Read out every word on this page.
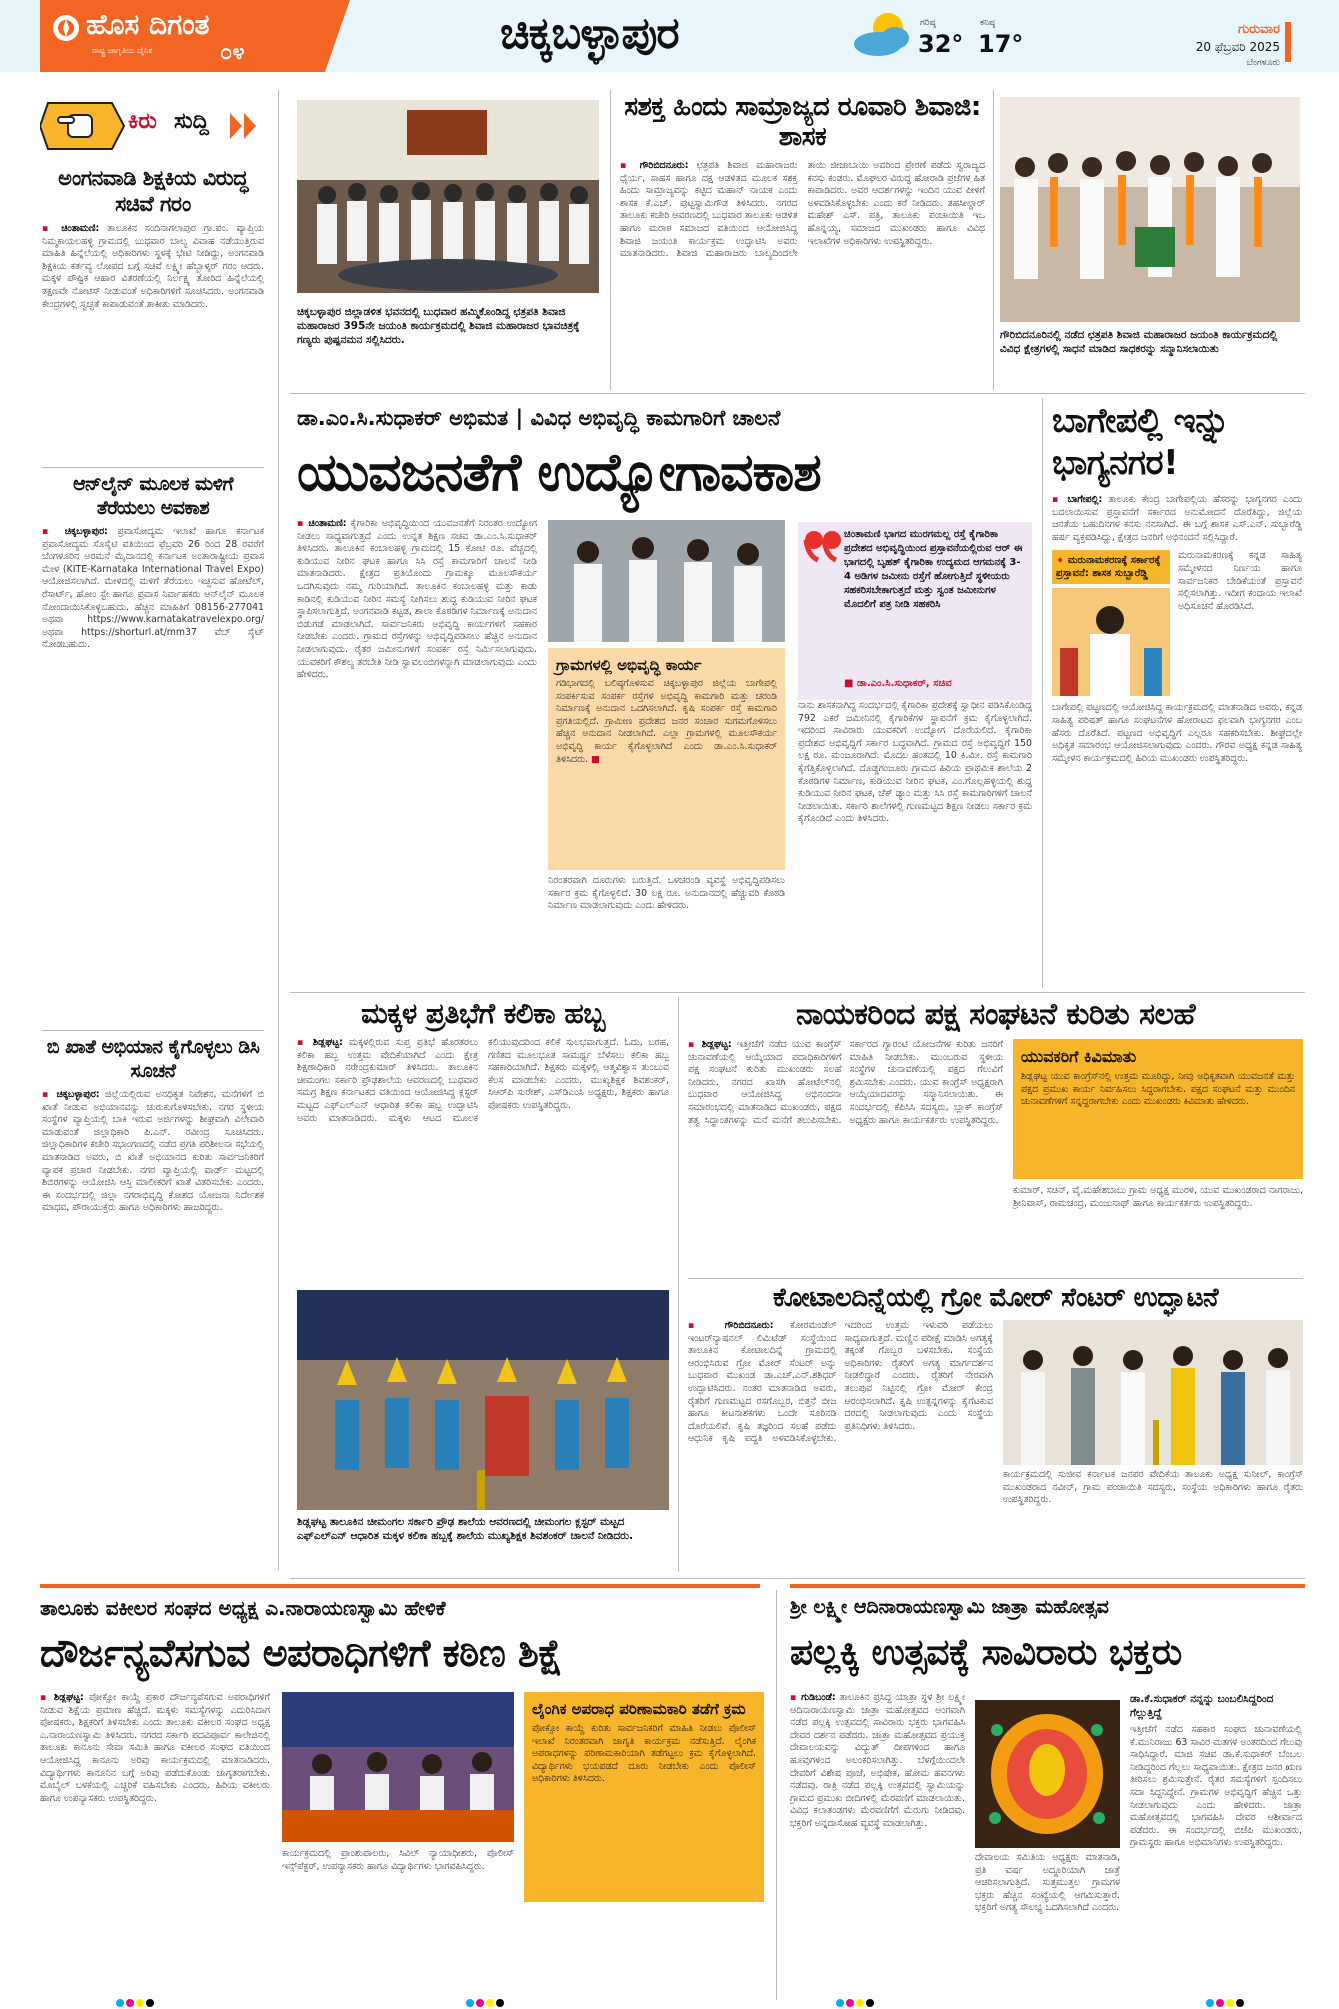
ಹೊಸ ದಿಗಂತ
ರಾಷ್ಟ್ರ ಜಾಗೃತಿಯ ದೈನಿಕ	೦೪	ಚಿಕ್ಕಬಳ್ಳಾಪುರ	ಗರಿಷ್ಠ
32°
ಕನಿಷ್ಠ
17°
ಗುರುವಾರ
20 ಫೆಬ್ರವರಿ 2025
ಬೆಂಗಳೂರು
ಕಿರು ಸುದ್ದಿ
ಅಂಗನವಾಡಿ ಶಿಕ್ಷಕಿಯ ವಿರುದ್ಧ ಸಚಿವೆ ಗರಂ
▪ ಚಿಂತಾಮಣಿ: ತಾಲೂಕಿನ ಸಂದಿನಾಗಲಾಪುರ ಗ್ರಾ.ಪಂ. ವ್ಯಾಪ್ತಿಯ ನಿಮ್ಮಕಾಯಲಹಳ್ಳಿ ಗ್ರಾಮದಲ್ಲಿ ಬುಧವಾರ ಬಾಲ್ಯ ವಿವಾಹ ನಡೆಯುತ್ತಿರುವ ಮಾಹಿತಿ ಹಿನ್ನೆಲೆಯಲ್ಲಿ ಅಧಿಕಾರಿಗಳು ಸ್ಥಳಕ್ಕೆ ಭೇಟಿ ನೀಡಿದ್ದು, ಅಂಗನವಾಡಿ ಶಿಕ್ಷಕಿಯ ಕರ್ತವ್ಯ ಲೋಪದ ಬಗ್ಗೆ ಸಚಿವೆ ಲಕ್ಷ್ಮೀ ಹೆಬ್ಬಾಳ್ಕರ್ ಗರಂ ಆದರು. ಮಕ್ಕಳ ಪೌಷ್ಟಿಕ ಆಹಾರ ವಿತರಣೆಯಲ್ಲಿ ನಿರ್ಲಕ್ಷ್ಯ ತೋರಿದ ಹಿನ್ನೆಲೆಯಲ್ಲಿ ತಕ್ಷಣವೇ ನೋಟಿಸ್ ನೀಡುವಂತೆ ಅಧಿಕಾರಿಗಳಿಗೆ ಸೂಚಿಸಿದರು. ಅಂಗನವಾಡಿ ಕೇಂದ್ರಗಳಲ್ಲಿ ಸ್ವಚ್ಛತೆ ಕಾಪಾಡುವಂತೆ ತಾಕೀತು ಮಾಡಿದರು.
ಆನ್‌ಲೈನ್ ಮೂಲಕ ಮಳಿಗೆ ತೆರೆಯಲು ಅವಕಾಶ
▪ ಚಿಕ್ಕಬಳ್ಳಾಪುರ: ಪ್ರವಾಸೋದ್ಯಮ ಇಲಾಖೆ ಹಾಗೂ ಕರ್ನಾಟಕ ಪ್ರವಾಸೋದ್ಯಮ ಸೊಸೈಟಿ ವತಿಯಿಂದ ಫೆಬ್ರವರಿ 26 ರಿಂದ 28 ರವರೆಗೆ ಬೆಂಗಳೂರಿನ ಅರಮನೆ ಮೈದಾನದಲ್ಲಿ ಕರ್ನಾಟಕ ಅಂತಾರಾಷ್ಟ್ರೀಯ ಪ್ರವಾಸ ಮೇಳ (KITE-Karnataka International Travel Expo) ಆಯೋಜಿಸಲಾಗಿದೆ. ಮೇಳದಲ್ಲಿ ಮಳಿಗೆ ತೆರೆಯಲು ಇಚ್ಛಿಸುವ ಹೋಟೆಲ್, ರೆಸಾರ್ಟ್, ಹೋಂ ಸ್ಟೇ ಹಾಗೂ ಪ್ರವಾಸ ನಿರ್ವಾಹಕರು ಆನ್‌ಲೈನ್ ಮೂಲಕ ನೋಂದಾಯಿಸಿಕೊಳ್ಳಬಹುದು. ಹೆಚ್ಚಿನ ಮಾಹಿತಿಗೆ 08156-277041 ಅಥವಾ https://www.karnatakatravelexpo.org/ ಅಥವಾ https://shorturl.at/mm37 ವೆಬ್ ಸೈಟ್ ನೋಡಬಹುದು.
ಬಿ ಖಾತೆ ಅಭಿಯಾನ ಕೈಗೊಳ್ಳಲು ಡಿಸಿ ಸೂಚನೆ
▪ ಚಿಕ್ಕಬಳ್ಳಾಪುರ: ಜಿಲ್ಲೆಯಲ್ಲಿರುವ ಅನಧಿಕೃತ ನಿವೇಶನ, ಮನೆಗಳಿಗೆ ಬಿ ಖಾತೆ ನೀಡುವ ಅಭಿಯಾನವನ್ನು ಚುರುಕುಗೊಳಿಸಬೇಕು. ನಗರ ಸ್ಥಳೀಯ ಸಂಸ್ಥೆಗಳ ವ್ಯಾಪ್ತಿಯಲ್ಲಿ ಬಾಕಿ ಇರುವ ಅರ್ಜಿಗಳನ್ನು ಶೀಘ್ರವಾಗಿ ವಿಲೇವಾರಿ ಮಾಡುವಂತೆ ಜಿಲ್ಲಾಧಿಕಾರಿ ಪಿ.ಎನ್. ರವೀಂದ್ರ ಸೂಚಿಸಿದರು. ಜಿಲ್ಲಾಧಿಕಾರಿಗಳ ಕಚೇರಿ ಸಭಾಂಗಣದಲ್ಲಿ ನಡೆದ ಪ್ರಗತಿ ಪರಿಶೀಲನಾ ಸಭೆಯಲ್ಲಿ ಮಾತನಾಡಿದ ಅವರು, ಬಿ ಖಾತೆ ಅಭಿಯಾನದ ಕುರಿತು ಸಾರ್ವಜನಿಕರಿಗೆ ವ್ಯಾಪಕ ಪ್ರಚಾರ ನೀಡಬೇಕು. ನಗರ ವ್ಯಾಪ್ತಿಯಲ್ಲಿ ವಾರ್ಡ್ ಮಟ್ಟದಲ್ಲಿ ಶಿಬಿರಗಳನ್ನು ಆಯೋಜಿಸಿ ಆಸ್ತಿ ಮಾಲೀಕರಿಗೆ ಖಾತೆ ವಿತರಿಸಬೇಕು ಎಂದರು. ಈ ಸಂದರ್ಭದಲ್ಲಿ ಜಿಲ್ಲಾ ನಗರಾಭಿವೃದ್ಧಿ ಕೋಶದ ಯೋಜನಾ ನಿರ್ದೇಶಕ ಮಾಧವ, ಪೌರಾಯುಕ್ತರು ಹಾಗೂ ಅಧಿಕಾರಿಗಳು ಹಾಜರಿದ್ದರು.
ಚಿಕ್ಕಬಳ್ಳಾಪುರ ಜಿಲ್ಲಾಡಳಿತ ಭವನದಲ್ಲಿ ಬುಧವಾರ ಹಮ್ಮಿಕೊಂಡಿದ್ದ ಛತ್ರಪತಿ ಶಿವಾಜಿ ಮಹಾರಾಜರ 395ನೇ ಜಯಂತಿ ಕಾರ್ಯಕ್ರಮದಲ್ಲಿ ಶಿವಾಜಿ ಮಹಾರಾಜರ ಭಾವಚಿತ್ರಕ್ಕೆ ಗಣ್ಯರು ಪುಷ್ಪನಮನ ಸಲ್ಲಿಸಿದರು.
ಸಶಕ್ತ ಹಿಂದು ಸಾಮ್ರಾಜ್ಯದ ರೂವಾರಿ ಶಿವಾಜಿ: ಶಾಸಕ
▪ ಗೌರಿಬಿದನೂರು: ಛತ್ರಪತಿ ಶಿವಾಜಿ ಮಹಾರಾಜರು ಧೈರ್ಯ, ಸಾಹಸ ಹಾಗೂ ದಕ್ಷ ಆಡಳಿತದ ಮೂಲಕ ಸಶಕ್ತ ಹಿಂದು ಸಾಮ್ರಾಜ್ಯವನ್ನು ಕಟ್ಟಿದ ಮಹಾನ್ ನಾಯಕ ಎಂದು ಶಾಸಕ ಕೆ.ಎಚ್. ಪುಟ್ಟಸ್ವಾಮಿಗೌಡ ತಿಳಿಸಿದರು. ನಗರದ ತಾಲೂಕು ಕಚೇರಿ ಆವರಣದಲ್ಲಿ ಬುಧವಾರ ತಾಲೂಕು ಆಡಳಿತ ಹಾಗೂ ಮರಾಠ ಸಮಾಜದ ವತಿಯಿಂದ ಆಯೋಜಿಸಿದ್ದ ಶಿವಾಜಿ ಜಯಂತಿ ಕಾರ್ಯಕ್ರಮ ಉದ್ಘಾಟಿಸಿ ಅವರು ಮಾತನಾಡಿದರು. ಶಿವಾಜಿ ಮಹಾರಾಜರು ಬಾಲ್ಯದಿಂದಲೇ ತಾಯಿ ಜೀಜಾಬಾಯಿ ಅವರಿಂದ ಪ್ರೇರಣೆ ಪಡೆದು ಸ್ವರಾಜ್ಯದ ಕನಸು ಕಂಡರು. ಮೊಘಲರ ವಿರುದ್ಧ ಹೋರಾಡಿ ಪ್ರಜೆಗಳ ಹಿತ ಕಾಪಾಡಿದರು. ಅವರ ಆದರ್ಶಗಳನ್ನು ಇಂದಿನ ಯುವ ಪೀಳಿಗೆ ಅಳವಡಿಸಿಕೊಳ್ಳಬೇಕು ಎಂದು ಕರೆ ನೀಡಿದರು. ತಹಸೀಲ್ದಾರ್ ಮಹೇಶ್ ಎಸ್. ಪತ್ರಿ, ತಾಲೂಕು ಪಂಚಾಯಿತಿ ಇಒ ಹೊನ್ನಯ್ಯ, ಸಮಾಜದ ಮುಖಂಡರು ಹಾಗೂ ವಿವಿಧ ಇಲಾಖೆಗಳ ಅಧಿಕಾರಿಗಳು ಉಪಸ್ಥಿತರಿದ್ದರು.
ಗೌರಿಬಿದನೂರಿನಲ್ಲಿ ನಡೆದ ಛತ್ರಪತಿ ಶಿವಾಜಿ ಮಹಾರಾಜರ ಜಯಂತಿ ಕಾರ್ಯಕ್ರಮದಲ್ಲಿ ವಿವಿಧ ಕ್ಷೇತ್ರಗಳಲ್ಲಿ ಸಾಧನೆ ಮಾಡಿದ ಸಾಧಕರನ್ನು ಸನ್ಮಾನಿಸಲಾಯಿತು
ಡಾ.ಎಂ.ಸಿ.ಸುಧಾಕರ್ ಅಭಿಮತ | ವಿವಿಧ ಅಭಿವೃದ್ಧಿ ಕಾಮಗಾರಿಗೆ ಚಾಲನೆ
ಯುವಜನತೆಗೆ ಉದ್ಯೋಗಾವಕಾಶ
▪ ಚಿಂತಾಮಣಿ: ಕೈಗಾರಿಕಾ ಅಭಿವೃದ್ಧಿಯಿಂದ ಯುವಜನತೆಗೆ ನಿರಂತರ ಉದ್ಯೋಗ ನೀಡಲು ಸಾಧ್ಯವಾಗುತ್ತದೆ ಎಂದು ಉನ್ನತ ಶಿಕ್ಷಣ ಸಚಿವ ಡಾ.ಎಂ.ಸಿ.ಸುಧಾಕರ್ ತಿಳಿಸಿದರು. ತಾಲೂಕಿನ ಕಂಬಾಲಹಳ್ಳಿ ಗ್ರಾಮದಲ್ಲಿ 15 ಕೋಟಿ ರೂ. ವೆಚ್ಚದಲ್ಲಿ ಕುಡಿಯುವ ನೀರಿನ ಘಟಕ ಹಾಗೂ ಸಿಸಿ ರಸ್ತೆ ಕಾಮಗಾರಿಗೆ ಚಾಲನೆ ನೀಡಿ ಮಾತನಾಡಿದರು. ಕ್ಷೇತ್ರದ ಪ್ರತಿಯೊಂದು ಗ್ರಾಮಕ್ಕೂ ಮೂಲಸೌಕರ್ಯ ಒದಗಿಸುವುದು ನಮ್ಮ ಗುರಿಯಾಗಿದೆ. ತಾಲೂಕಿನ ಕಂಬಾಲಹಳ್ಳಿ ಮತ್ತು ಕಾಡು ಕಾಡಿನಲ್ಲಿ ಕುಡಿಯುವ ನೀರಿನ ಸಮಸ್ಯೆ ನೀಗಿಸಲು ಶುದ್ಧ ಕುಡಿಯುವ ನೀರಿನ ಘಟಕ ಸ್ಥಾಪಿಸಲಾಗುತ್ತಿದೆ. ಅಂಗನವಾಡಿ ಕಟ್ಟಡ, ಶಾಲಾ ಕೊಠಡಿಗಳ ನಿರ್ಮಾಣಕ್ಕೆ ಅನುದಾನ ಬಿಡುಗಡೆ ಮಾಡಲಾಗಿದೆ. ಸಾರ್ವಜನಿಕರು ಅಭಿವೃದ್ಧಿ ಕಾರ್ಯಗಳಿಗೆ ಸಹಕಾರ ನೀಡಬೇಕು ಎಂದರು. ಗ್ರಾಮದ ರಸ್ತೆಗಳನ್ನು ಅಭಿವೃದ್ಧಿಪಡಿಸಲು ಹೆಚ್ಚಿನ ಅನುದಾನ ನೀಡಲಾಗುವುದು. ರೈತರ ಜಮೀನುಗಳಿಗೆ ಸಂಪರ್ಕ ರಸ್ತೆ ನಿರ್ಮಿಸಲಾಗುವುದು. ಯುವಕರಿಗೆ ಕೌಶಲ್ಯ ತರಬೇತಿ ನೀಡಿ ಸ್ವಾವಲಂಬಿಗಳನ್ನಾಗಿ ಮಾಡಲಾಗುವುದು ಎಂದು ಹೇಳಿದರು.
ಚಿಂತಾಮಣಿ ಭಾಗದ ಮುರಗಮಲ್ಲ ರಸ್ತೆ ಕೈಗಾರಿಕಾ ಪ್ರದೇಶದ ಅಭಿವೃದ್ಧಿಯಿಂದ ಪ್ರಸ್ತಾವನೆಯಲ್ಲಿರುವ ಆರ್‌ ಈ ಭಾಗದಲ್ಲಿ ಬೃಹತ್ ಕೈಗಾರಿಕಾ ಉದ್ಯಮದ ಆಗಮನಕ್ಕೆ 3-4 ಅಡಿಗಳ ಜಮೀನು ರಸ್ತೆಗೆ ಹೋಗುತ್ತಿದೆ ಸ್ಥಳೀಯರು ಸಹಕರಿಸಬೇಕಾಗುತ್ತದೆ ಮತ್ತು ಸ್ವಂತ ಜಮೀನುಗಳ ಮೊದಲಿಗೆ ಪತ್ರ ನೀಡಿ ಸಹಕರಿಸಿ
■ ಡಾ.ಎಂ.ಸಿ.ಸುಧಾಕರ್, ಸಚಿವ
ಗ್ರಾಮಗಳಲ್ಲಿ ಅಭಿವೃದ್ಧಿ ಕಾರ್ಯ
ಗಡಿಭಾಗದಲ್ಲಿ ಬಲಿಷ್ಠಗೊಳಿಸುವ ಚಿಕ್ಕಬಳ್ಳಾಪುರ ಜಿಲ್ಲೆಯ ಬಾಗೇಪಲ್ಲಿ ಸಂಪರ್ಕಿಸುವ ಸಂಪರ್ಕ ರಸ್ತೆಗಳ ಅಭಿವೃದ್ಧಿ ಕಾಮಗಾರಿ ಮತ್ತು ಚರಂಡಿ ನಿರ್ಮಾಣಕ್ಕೆ ಅನುದಾನ ಒದಗಿಸಲಾಗಿದೆ. ಕೃಷಿ ಸಂಪರ್ಕ ರಸ್ತೆ ಕಾಮಗಾರಿ ಪ್ರಗತಿಯಲ್ಲಿದೆ. ಗ್ರಾಮೀಣ ಪ್ರದೇಶದ ಜನರ ಸಂಚಾರ ಸುಗಮಗೊಳಿಸಲು ಹೆಚ್ಚಿನ ಅನುದಾನ ನೀಡಲಾಗಿದೆ. ಎಲ್ಲಾ ಗ್ರಾಮಗಳಲ್ಲಿ ಮೂಲಸೌಕರ್ಯ ಅಭಿವೃದ್ಧಿ ಕಾರ್ಯ ಕೈಗೊಳ್ಳಲಾಗಿದೆ ಎಂದು ಡಾ.ಎಂ.ಸಿ.ಸುಧಾಕರ್ ತಿಳಿಸಿದರು. ■
ನಾನು ಶಾಸಕನಾಗಿದ್ದ ಸಂದರ್ಭದಲ್ಲಿ ಕೈಗಾರಿಕಾ ಪ್ರದೇಶಕ್ಕೆ ಸ್ವಾಧೀನ ಪಡಿಸಿಕೊಂಡಿದ್ದ 792 ಎಕರೆ ಜಮೀನಿನಲ್ಲಿ ಕೈಗಾರಿಕೆಗಳ ಸ್ಥಾಪನೆಗೆ ಕ್ರಮ ಕೈಗೊಳ್ಳಲಾಗಿದೆ. ಇದರಿಂದ ಸಾವಿರಾರು ಯುವಕರಿಗೆ ಉದ್ಯೋಗ ದೊರೆಯಲಿದೆ. ಕೈಗಾರಿಕಾ ಪ್ರದೇಶದ ಅಭಿವೃದ್ಧಿಗೆ ಸರ್ಕಾರ ಬದ್ಧವಾಗಿದೆ. ಗ್ರಾಮದ ರಸ್ತೆ ಅಭಿವೃದ್ಧಿಗೆ 150 ಲಕ್ಷ ರೂ. ಮಂಜೂರಾಗಿದೆ. ಮೊದಲ ಹಂತದಲ್ಲಿ 10 ಕಿ.ಮೀ. ರಸ್ತೆ ಕಾಮಗಾರಿ ಕೈಗೆತ್ತಿಕೊಳ್ಳಲಾಗಿದೆ. ದೊಡ್ಡಗಂಜೂರು ಗ್ರಾಮದ ಹಿರಿಯ ಪ್ರಾಥಮಿಕ ಶಾಲೆಯ 2 ಕೊಠಡಿಗಳ ನಿರ್ಮಾಣ, ಕುಡಿಯುವ ನೀರಿನ ಘಟಕ, ಎಂ.ಗೊಲ್ಲಹಳ್ಳಿಯಲ್ಲಿ ಶುದ್ಧ ಕುಡಿಯುವ ನೀರಿನ ಘಟಕ, ಚೆಕ್ ಡ್ಯಾಂ ಮತ್ತು ಸಿಸಿ ರಸ್ತೆ ಕಾಮಗಾರಿಗಳಿಗೆ ಚಾಲನೆ ನೀಡಲಾಯಿತು. ಸರ್ಕಾರಿ ಶಾಲೆಗಳಲ್ಲಿ ಗುಣಮಟ್ಟದ ಶಿಕ್ಷಣ ನೀಡಲು ಸರ್ಕಾರ ಕ್ರಮ ಕೈಗೊಂಡಿದೆ ಎಂದು ತಿಳಿಸಿದರು.
ನಿರಂತರವಾಗಿ ದೂರುಗಳು ಬರುತ್ತಿದೆ. ಒಳಚರಂಡಿ ವ್ಯವಸ್ಥೆ ಅಭಿವೃದ್ಧಿಪಡಿಸಲು ಸರ್ಕಾರ ಕ್ರಮ ಕೈಗೊಳ್ಳಲಿದೆ. 30 ಲಕ್ಷ ರೂ. ಅನುದಾನದಲ್ಲಿ ಹೆಚ್ಚುವರಿ ಕೊಠಡಿ ನಿರ್ಮಾಣ ಮಾಡಲಾಗುವುದು ಎಂದು ಹೇಳಿದರು.
ಬಾಗೇಪಲ್ಲಿ ಇನ್ನು ಭಾಗ್ಯನಗರ!
▪ ಬಾಗೇಪಲ್ಲಿ: ತಾಲೂಕು ಕೇಂದ್ರ ಬಾಗೇಪಲ್ಲಿಯ ಹೆಸರನ್ನು ಭಾಗ್ಯನಗರ ಎಂದು ಬದಲಾಯಿಸುವ ಪ್ರಸ್ತಾವನೆಗೆ ಸರ್ಕಾರದ ಅನುಮೋದನೆ ದೊರೆತಿದ್ದು, ಜಿಲ್ಲೆಯ ಜನತೆಯ ಬಹುದಿನಗಳ ಕನಸು ನನಸಾಗಿದೆ. ಈ ಬಗ್ಗೆ ಶಾಸಕ ಎಸ್.ಎನ್. ಸುಬ್ಬಾರೆಡ್ಡಿ ಹರ್ಷ ವ್ಯಕ್ತಪಡಿಸಿದ್ದು, ಕ್ಷೇತ್ರದ ಜನರಿಗೆ ಅಭಿನಂದನೆ ಸಲ್ಲಿಸಿದ್ದಾರೆ.
➧ ಮರುನಾಮಕರಣಕ್ಕೆ ಸರ್ಕಾರಕ್ಕೆ ಪ್ರಸ್ತಾವನೆ: ಶಾಸಕ ಸುಬ್ಬಾರೆಡ್ಡಿ
ಮರುನಾಮಕರಣಕ್ಕೆ ಕನ್ನಡ ಸಾಹಿತ್ಯ ಸಮ್ಮೇಳನದ ನಿರ್ಣಯ ಹಾಗೂ ಸಾರ್ವಜನಿಕರ ಬೇಡಿಕೆಯಂತೆ ಪ್ರಸ್ತಾವನೆ ಸಲ್ಲಿಸಲಾಗಿತ್ತು. ಇದೀಗ ಕಂದಾಯ ಇಲಾಖೆ ಅಧಿಸೂಚನೆ ಹೊರಡಿಸಿದೆ.
ಬಾಗೇಪಲ್ಲಿ ಪಟ್ಟಣದಲ್ಲಿ ಆಯೋಜಿಸಿದ್ದ ಕಾರ್ಯಕ್ರಮದಲ್ಲಿ ಮಾತನಾಡಿದ ಅವರು, ಕನ್ನಡ ಸಾಹಿತ್ಯ ಪರಿಷತ್ ಹಾಗೂ ಸಂಘಟನೆಗಳ ಹೋರಾಟದ ಫಲವಾಗಿ ಭಾಗ್ಯನಗರ ಎಂಬ ಹೆಸರು ದೊರೆತಿದೆ. ಪಟ್ಟಣದ ಅಭಿವೃದ್ಧಿಗೆ ಎಲ್ಲರೂ ಸಹಕರಿಸಬೇಕು. ಶೀಘ್ರದಲ್ಲೇ ಅಧಿಕೃತ ಸಮಾರಂಭ ಆಯೋಜಿಸಲಾಗುವುದು ಎಂದರು. ಗೌರವ ಅಧ್ಯಕ್ಷ ಕನ್ನಡ ಸಾಹಿತ್ಯ ಸಮ್ಮೇಳನ ಕಾರ್ಯಕ್ರಮದಲ್ಲಿ ಹಿರಿಯ ಮುಖಂಡರು ಉಪಸ್ಥಿತರಿದ್ದರು.
ಮಕ್ಕಳ ಪ್ರತಿಭೆಗೆ ಕಲಿಕಾ ಹಬ್ಬ
▪ ಶಿಡ್ಲಘಟ್ಟ: ಮಕ್ಕಳಲ್ಲಿರುವ ಸುಪ್ತ ಪ್ರತಿಭೆ ಹೊರತರಲು ಕಲಿಕಾ ಹಬ್ಬ ಉತ್ತಮ ವೇದಿಕೆಯಾಗಿದೆ ಎಂದು ಕ್ಷೇತ್ರ ಶಿಕ್ಷಣಾಧಿಕಾರಿ ನರೇಂದ್ರಕುಮಾರ್ ತಿಳಿಸಿದರು. ತಾಲೂಕಿನ ಚೀಮಂಗಲ ಸರ್ಕಾರಿ ಪ್ರೌಢಶಾಲೆಯ ಆವರಣದಲ್ಲಿ ಬುಧವಾರ ಸಮಗ್ರ ಶಿಕ್ಷಣ ಕರ್ನಾಟಕದ ವತಿಯಿಂದ ಆಯೋಜಿಸಿದ್ದ ಕ್ಲಸ್ಟರ್ ಮಟ್ಟದ ಎಫ್‌ಎಲ್‌ಎನ್ ಆಧಾರಿತ ಕಲಿಕಾ ಹಬ್ಬ ಉದ್ಘಾಟಿಸಿ ಅವರು ಮಾತನಾಡಿದರು. ಮಕ್ಕಳು ಆಟದ ಮೂಲಕ ಕಲಿಯುವುದರಿಂದ ಕಲಿಕೆ ಸುಲಭವಾಗುತ್ತದೆ. ಓದು, ಬರಹ, ಗಣಿತದ ಮೂಲಭೂತ ಸಾಮರ್ಥ್ಯ ಬೆಳೆಸಲು ಕಲಿಕಾ ಹಬ್ಬ ಸಹಕಾರಿಯಾಗಿದೆ. ಶಿಕ್ಷಕರು ಮಕ್ಕಳಲ್ಲಿ ಆತ್ಮವಿಶ್ವಾಸ ತುಂಬುವ ಕೆಲಸ ಮಾಡಬೇಕು ಎಂದರು. ಮುಖ್ಯಶಿಕ್ಷಕ ಶಿವಶಂಕರ್, ಸಿಆರ್‌ಪಿ ಸುರೇಶ್, ಎಸ್‌ಡಿಎಂಸಿ ಅಧ್ಯಕ್ಷರು, ಶಿಕ್ಷಕರು ಹಾಗೂ ಪೋಷಕರು ಉಪಸ್ಥಿತರಿದ್ದರು.
ಶಿಡ್ಲಘಟ್ಟ ತಾಲೂಕಿನ ಚೀಮಂಗಲ ಸರ್ಕಾರಿ ಪ್ರೌಢ ಶಾಲೆಯ ಆವರಣದಲ್ಲಿ ಚೀಮಂಗಲ ಕ್ಲಸ್ಟರ್ ಮಟ್ಟದ ಎಫ್‌ಎಲ್‌ಎನ್ ಆಧಾರಿತ ಮಕ್ಕಳ ಕಲಿಕಾ ಹಬ್ಬಕ್ಕೆ ಶಾಲೆಯ ಮುಖ್ಯಶಿಕ್ಷಕ ಶಿವಶಂಕರ್ ಚಾಲನೆ ನೀಡಿದರು.
ನಾಯಕರಿಂದ ಪಕ್ಷ ಸಂಘಟನೆ ಕುರಿತು ಸಲಹೆ
▪ ಶಿಡ್ಲಘಟ್ಟ: ಇತ್ತೀಚೆಗೆ ನಡೆದ ಯುವ ಕಾಂಗ್ರೆಸ್ ಚುನಾವಣೆಯಲ್ಲಿ ಆಯ್ಕೆಯಾದ ಪದಾಧಿಕಾರಿಗಳಿಗೆ ಪಕ್ಷ ಸಂಘಟನೆ ಕುರಿತು ಮುಖಂಡರು ಸಲಹೆ ನೀಡಿದರು. ನಗರದ ಖಾಸಗಿ ಹೋಟೆಲ್‌ನಲ್ಲಿ ಬುಧವಾರ ಆಯೋಜಿಸಿದ್ದ ಅಭಿನಂದನಾ ಸಮಾರಂಭದಲ್ಲಿ ಮಾತನಾಡಿದ ಮುಖಂಡರು, ಪಕ್ಷದ ತತ್ವ ಸಿದ್ಧಾಂತಗಳನ್ನು ಮನೆ ಮನೆಗೆ ತಲುಪಿಸಬೇಕು. ಸರ್ಕಾರದ ಗ್ಯಾರಂಟಿ ಯೋಜನೆಗಳ ಕುರಿತು ಜನರಿಗೆ ಮಾಹಿತಿ ನೀಡಬೇಕು. ಮುಂಬರುವ ಸ್ಥಳೀಯ ಸಂಸ್ಥೆಗಳ ಚುನಾವಣೆಯಲ್ಲಿ ಪಕ್ಷದ ಗೆಲುವಿಗೆ ಶ್ರಮಿಸಬೇಕು ಎಂದರು. ಯುವ ಕಾಂಗ್ರೆಸ್ ಅಧ್ಯಕ್ಷರಾಗಿ ಆಯ್ಕೆಯಾದವರನ್ನು ಸನ್ಮಾನಿಸಲಾಯಿತು. ಈ ಸಂದರ್ಭದಲ್ಲಿ ಕೆಪಿಸಿಸಿ ಸದಸ್ಯರು, ಬ್ಲಾಕ್ ಕಾಂಗ್ರೆಸ್ ಅಧ್ಯಕ್ಷರು ಹಾಗೂ ಕಾರ್ಯಕರ್ತರು ಉಪಸ್ಥಿತರಿದ್ದರು.
ಯುವಕರಿಗೆ ಕಿವಿಮಾತು
ಶಿಡ್ಲಘಟ್ಟ ಯುವ ಕಾಂಗ್ರೆಸ್‌ನಲ್ಲಿ ಉತ್ತಮ ಮೂರಿದ್ದು, ನೀವು ಅಧಿಕೃತವಾಗಿ ಯುವಜನತೆ ಮತ್ತು ಪಕ್ಷದ ಪ್ರಮುಖ ಕಾರ್ಯ ನಿರ್ವಹಿಸಲು ಸಿದ್ಧರಾಗಬೇಕು. ಪಕ್ಷದ ಸಂಘಟನೆ ಮತ್ತು ಮುಂದಿನ ಚುನಾವಣೆಗಳಿಗೆ ಸನ್ನದ್ಧರಾಗಬೇಕು ಎಂದು ಮುಖಂಡರು ಕಿವಿಮಾತು ಹೇಳಿದರು.
ಕುಮಾರ್, ಸಚಿನ್, ವೈ.ಮಹೇಶಬಾಬು ಗ್ರಾಮ ಅಧ್ಯಕ್ಷ ಮುರಳಿ, ಯುವ ಮುಖಂಡರಾದ ನಾಗರಾಜು, ಶ್ರೀನಿವಾಸ್, ರಾಮಚಂದ್ರ, ಮಂಜುನಾಥ್ ಹಾಗೂ ಕಾರ್ಯಕರ್ತರು ಉಪಸ್ಥಿತರಿದ್ದರು.
ಕೋಟಾಲದಿನ್ನೆಯಲ್ಲಿ ಗ್ರೋ ಮೋರ್ ಸೆಂಟರ್ ಉದ್ಘಾಟನೆ
▪ ಗೌರಿಬಿದನೂರು: ಕೋರಮಂಡಲ್ ಇಂಟರ್‌ನ್ಯಾಷನಲ್ ಲಿಮಿಟೆಡ್ ಸಂಸ್ಥೆಯಿಂದ ತಾಲೂಕಿನ ಕೋಟಾಲದಿನ್ನೆ ಗ್ರಾಮದಲ್ಲಿ ಆರಂಭಿಸಿರುವ ಗ್ರೋ ಮೋರ್ ಸೆಂಟರ್ ಅನ್ನು ಬುಧವಾರ ಮುಖಂಡ ಡಾ.ಎಚ್.ಎನ್.ಶಶಿಧರ್ ಉದ್ಘಾಟಿಸಿದರು. ನಂತರ ಮಾತನಾಡಿದ ಅವರು, ರೈತರಿಗೆ ಗುಣಮಟ್ಟದ ರಸಗೊಬ್ಬರ, ಬಿತ್ತನೆ ಬೀಜ ಹಾಗೂ ಕೀಟನಾಶಕಗಳು ಒಂದೇ ಸೂರಿನಡಿ ದೊರೆಯಲಿವೆ. ಕೃಷಿ ತಜ್ಞರಿಂದ ಸಲಹೆ ಪಡೆದು ಆಧುನಿಕ ಕೃಷಿ ಪದ್ಧತಿ ಅಳವಡಿಸಿಕೊಳ್ಳಬೇಕು. ಇದರಿಂದ ಉತ್ತಮ ಇಳುವರಿ ಪಡೆಯಲು ಸಾಧ್ಯವಾಗುತ್ತದೆ. ಮಣ್ಣಿನ ಪರೀಕ್ಷೆ ಮಾಡಿಸಿ ಅಗತ್ಯಕ್ಕೆ ತಕ್ಕಂತೆ ಗೊಬ್ಬರ ಬಳಸಬೇಕು. ಸಂಸ್ಥೆಯ ಅಧಿಕಾರಿಗಳು ರೈತರಿಗೆ ಅಗತ್ಯ ಮಾರ್ಗದರ್ಶನ ನೀಡಲಿದ್ದಾರೆ ಎಂದರು. ರೈತರಿಗೆ ನೇರವಾಗಿ ತಲುಪುವ ನಿಟ್ಟಿನಲ್ಲಿ ಗ್ರೋ ಮೋರ್ ಕೇಂದ್ರ ಆರಂಭಿಸಲಾಗಿದೆ. ಕೃಷಿ ಉತ್ಪನ್ನಗಳನ್ನು ಕೈಗೆಟಕುವ ದರದಲ್ಲಿ ನೀಡಲಾಗುವುದು ಎಂದು ಸಂಸ್ಥೆಯ ಪ್ರತಿನಿಧಿಗಳು ತಿಳಿಸಿದರು.
ಕಾರ್ಯಕ್ರಮದಲ್ಲಿ ಸುಜೀವ ಕರ್ನಾಟಕ ಜನಪರ ವೇದಿಕೆಯ ತಾಲೂಕು ಅಧ್ಯಕ್ಷ ಸುನೀಲ್, ಕಾಂಗ್ರೆಸ್ ಮುಖಂಡರಾದ ನವೀನ್, ಗ್ರಾಮ ಪಂಚಾಯಿತಿ ಸದಸ್ಯರು, ಸಂಸ್ಥೆಯ ಅಧಿಕಾರಿಗಳು ಹಾಗೂ ರೈತರು ಉಪಸ್ಥಿತರಿದ್ದರು.
ತಾಲೂಕು ವಕೀಲರ ಸಂಘದ ಅಧ್ಯಕ್ಷ ಎ.ನಾರಾಯಣಸ್ವಾಮಿ ಹೇಳಿಕೆ
ದೌರ್ಜನ್ಯವೆಸಗುವ ಅಪರಾಧಿಗಳಿಗೆ ಕಠಿಣ ಶಿಕ್ಷೆ
▪ ಶಿಡ್ಲಘಟ್ಟ: ಪೋಕ್ಸೋ ಕಾಯ್ದೆ ಪ್ರಕಾರ ದೌರ್ಜನ್ಯವೆಸಗುವ ಅಪರಾಧಿಗಳಿಗೆ ನೀಡುವ ಶಿಕ್ಷೆಯ ಪ್ರಮಾಣ ಹೆಚ್ಚಿದೆ. ಮಕ್ಕಳು ಸಮಸ್ಯೆಗಳನ್ನು ಎದುರಿಸಿದಾಗ ಪೋಷಕರು, ಶಿಕ್ಷಕರಿಗೆ ತಿಳಿಸಬೇಕು ಎಂದು ತಾಲೂಕು ವಕೀಲರ ಸಂಘದ ಅಧ್ಯಕ್ಷ ಎ.ನಾರಾಯಣಸ್ವಾಮಿ ತಿಳಿಸಿದರು. ನಗರದ ಸರ್ಕಾರಿ ಪದವಿಪೂರ್ವ ಕಾಲೇಜಿನಲ್ಲಿ ತಾಲೂಕು ಕಾನೂನು ಸೇವಾ ಸಮಿತಿ ಹಾಗೂ ವಕೀಲರ ಸಂಘದ ವತಿಯಿಂದ ಆಯೋಜಿಸಿದ್ದ ಕಾನೂನು ಅರಿವು ಕಾರ್ಯಕ್ರಮದಲ್ಲಿ ಮಾತನಾಡಿದರು. ವಿದ್ಯಾರ್ಥಿಗಳು ಕಾನೂನಿನ ಬಗ್ಗೆ ಅರಿವು ಪಡೆದುಕೊಂಡು ಜಾಗೃತರಾಗಬೇಕು. ಮೊಬೈಲ್ ಬಳಕೆಯಲ್ಲಿ ಎಚ್ಚರಿಕೆ ವಹಿಸಬೇಕು ಎಂದರು. ಹಿರಿಯ ವಕೀಲರು ಹಾಗೂ ಉಪನ್ಯಾಸಕರು ಉಪಸ್ಥಿತರಿದ್ದರು.
ಲೈಂಗಿಕ ಅಪರಾಧ ಪರಿಣಾಮಕಾರಿ ತಡೆಗೆ ಕ್ರಮ
ಪೋಕ್ಸೋ ಕಾಯ್ದೆ ಕುರಿತು ಸಾರ್ವಜನಿಕರಿಗೆ ಮಾಹಿತಿ ನೀಡಲು ಪೊಲೀಸ್ ಇಲಾಖೆ ನಿರಂತರವಾಗಿ ಜಾಗೃತಿ ಕಾರ್ಯಕ್ರಮ ನಡೆಸುತ್ತಿದೆ. ಲೈಂಗಿಕ ಅಪರಾಧಗಳನ್ನು ಪರಿಣಾಮಕಾರಿಯಾಗಿ ತಡೆಗಟ್ಟಲು ಕ್ರಮ ಕೈಗೊಳ್ಳಲಾಗಿದೆ. ವಿದ್ಯಾರ್ಥಿಗಳು ಭಯಪಡದೆ ದೂರು ನೀಡಬೇಕು ಎಂದು ಪೊಲೀಸ್ ಅಧಿಕಾರಿಗಳು ತಿಳಿಸಿದರು.
ಕಾರ್ಯಕ್ರಮದಲ್ಲಿ ಪ್ರಾಂಶುಪಾಲರು, ಸಿವಿಲ್ ನ್ಯಾಯಾಧೀಶರು, ಪೊಲೀಸ್ ಇನ್ಸ್‌ಪೆಕ್ಟರ್, ಉಪನ್ಯಾಸಕರು ಹಾಗೂ ವಿದ್ಯಾರ್ಥಿಗಳು ಭಾಗವಹಿಸಿದ್ದರು.
ಶ್ರೀ ಲಕ್ಷ್ಮೀ ಆದಿನಾರಾಯಣಸ್ವಾಮಿ ಜಾತ್ರಾ ಮಹೋತ್ಸವ
ಪಲ್ಲಕ್ಕಿ ಉತ್ಸವಕ್ಕೆ ಸಾವಿರಾರು ಭಕ್ತರು
▪ ಗುಡಿಬಂಡೆ: ತಾಲೂಕಿನ ಪ್ರಸಿದ್ಧ ಯಾತ್ರಾ ಸ್ಥಳ ಶ್ರೀ ಲಕ್ಷ್ಮೀ ಆದಿನಾರಾಯಣಸ್ವಾಮಿ ಜಾತ್ರಾ ಮಹೋತ್ಸವದ ಅಂಗವಾಗಿ ನಡೆದ ಪಲ್ಲಕ್ಕಿ ಉತ್ಸವದಲ್ಲಿ ಸಾವಿರಾರು ಭಕ್ತರು ಭಾಗವಹಿಸಿ ದೇವರ ದರ್ಶನ ಪಡೆದರು. ಜಾತ್ರಾ ಮಹೋತ್ಸವದ ಪ್ರಯುಕ್ತ ದೇವಾಲಯವನ್ನು ವಿದ್ಯುತ್ ದೀಪಗಳಿಂದ ಹಾಗೂ ಹೂವುಗಳಿಂದ ಅಲಂಕರಿಸಲಾಗಿತ್ತು. ಬೆಳಗ್ಗೆಯಿಂದಲೇ ದೇವರಿಗೆ ವಿಶೇಷ ಪೂಜೆ, ಅಭಿಷೇಕ, ಹೋಮ ಹವನಗಳು ನಡೆದವು. ರಾತ್ರಿ ನಡೆದ ಪಲ್ಲಕ್ಕಿ ಉತ್ಸವದಲ್ಲಿ ಸ್ವಾಮಿಯನ್ನು ಗ್ರಾಮದ ಪ್ರಮುಖ ಬೀದಿಗಳಲ್ಲಿ ಮೆರವಣಿಗೆ ಮಾಡಲಾಯಿತು. ವಿವಿಧ ಕಲಾತಂಡಗಳು ಮೆರವಣಿಗೆಗೆ ಮೆರುಗು ನೀಡಿದವು. ಭಕ್ತರಿಗೆ ಅನ್ನದಾಸೋಹ ವ್ಯವಸ್ಥೆ ಮಾಡಲಾಗಿತ್ತು.
ದೇವಾಲಯ ಸಮಿತಿಯ ಅಧ್ಯಕ್ಷರು ಮಾತನಾಡಿ, ಪ್ರತಿ ವರ್ಷ ಅದ್ಧೂರಿಯಾಗಿ ಜಾತ್ರೆ ಆಚರಿಸಲಾಗುತ್ತಿದೆ. ಸುತ್ತಮುತ್ತಲ ಗ್ರಾಮಗಳ ಭಕ್ತರು ಹೆಚ್ಚಿನ ಸಂಖ್ಯೆಯಲ್ಲಿ ಆಗಮಿಸುತ್ತಾರೆ. ಭಕ್ತರಿಗೆ ಅಗತ್ಯ ಸೌಲಭ್ಯ ಒದಗಿಸಲಾಗಿದೆ ಎಂದರು.
ಡಾ.ಕೆ.ಸುಧಾಕರ್ ನನ್ನನ್ನು ಬಂಬಲಿಸಿದ್ದರಿಂದ ಗೆಲ್ಲುತ್ತಿದ್ದೆ
ಇತ್ತೀಚೆಗೆ ನಡೆದ ಸಹಕಾರ ಸಂಘದ ಚುನಾವಣೆಯಲ್ಲಿ ಕೆ.ಮುನಿರಾಜು 63 ಸಾವಿರ ಮತಗಳ ಅಂತರದಿಂದ ಗೆಲುವು ಸಾಧಿಸಿದ್ದಾರೆ. ಮಾಜಿ ಸಚಿವ ಡಾ.ಕೆ.ಸುಧಾಕರ್ ಬೆಂಬಲ ನೀಡಿದ್ದರಿಂದ ಗೆಲ್ಲಲು ಸಾಧ್ಯವಾಯಿತು. ಕ್ಷೇತ್ರದ ಜನರ ಋಣ ತೀರಿಸಲು ಶ್ರಮಿಸುತ್ತೇನೆ. ರೈತರ ಸಮಸ್ಯೆಗಳಿಗೆ ಸ್ಪಂದಿಸಲು ಸದಾ ಸಿದ್ಧನಿದ್ದೇನೆ. ಗ್ರಾಮಗಳ ಅಭಿವೃದ್ಧಿಗೆ ಹೆಚ್ಚಿನ ಒತ್ತು ನೀಡಲಾಗುವುದು ಎಂದು ಹೇಳಿದರು. ಜಾತ್ರಾ ಮಹೋತ್ಸವದಲ್ಲಿ ಭಾಗವಹಿಸಿ ದೇವರ ಆಶೀರ್ವಾದ ಪಡೆದರು. ಈ ಸಂದರ್ಭದಲ್ಲಿ ಬಿಜೆಪಿ ಮುಖಂಡರು, ಗ್ರಾಮಸ್ಥರು ಹಾಗೂ ಅಭಿಮಾನಿಗಳು ಉಪಸ್ಥಿತರಿದ್ದರು.
